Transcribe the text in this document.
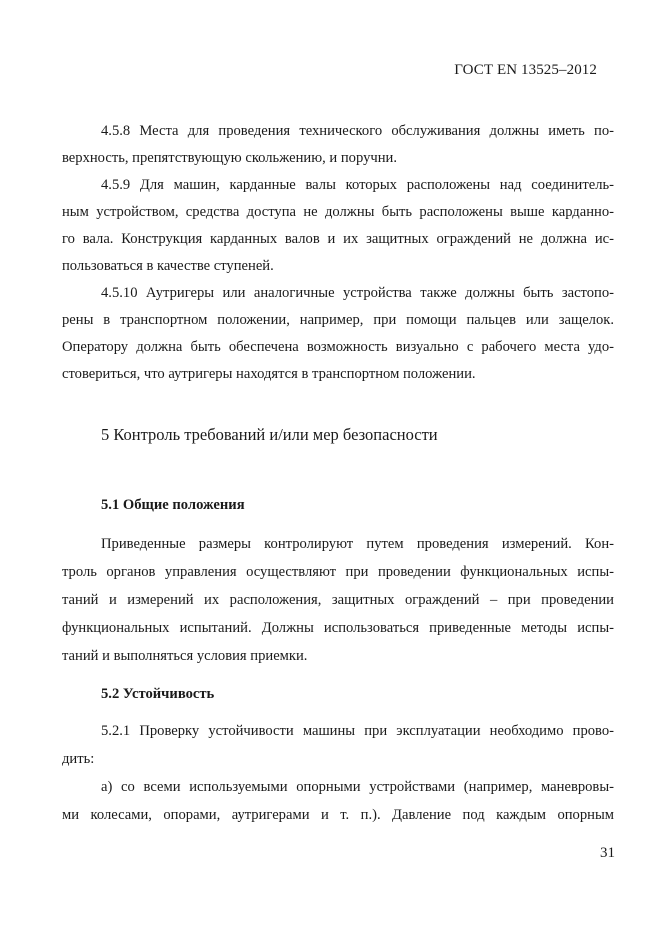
ГОСТ EN 13525–2012

4.5.8 Места для проведения технического обслуживания должны иметь по-
верхность, препятствующую скольжению, и поручни.

4.5.9 Для машин, карданные валы которых расположены над соединитель-
ным устройством, средства доступа не должны быть расположены выше карданно-
го вала. Конструкция карданных валов и их защитных ограждений не должна ис-
пользоваться в качестве ступеней.

4.5.10 Аутригеры или аналогичные устройства также должны быть застопо-
рены в транспортном положении, например, при помощи пальцев или защелок.
Оператору должна быть обеспечена возможность визуально с рабочего места удо-
стовериться, что аутригеры находятся в транспортном положении.

5 Контроль требований и/или мер безопасности
5.1 Общие положения

Приведенные размеры контролируют путем проведения измерений. Кон-
троль органов управления осуществляют при проведении функциональных испы-
таний и измерений их расположения, защитных ограждений – при проведении
функциональных испытаний. Должны использоваться приведенные методы испы-
таний и выполняться условия приемки.

5.2 Устойчивость

5.2.1 Проверку устойчивости машины при эксплуатации необходимо прово-
дить:

а) со всеми используемыми опорными устройствами (например, маневровы-
ми колесами, опорами, аутригерами и т. п.). Давление под каждым опорным

31
